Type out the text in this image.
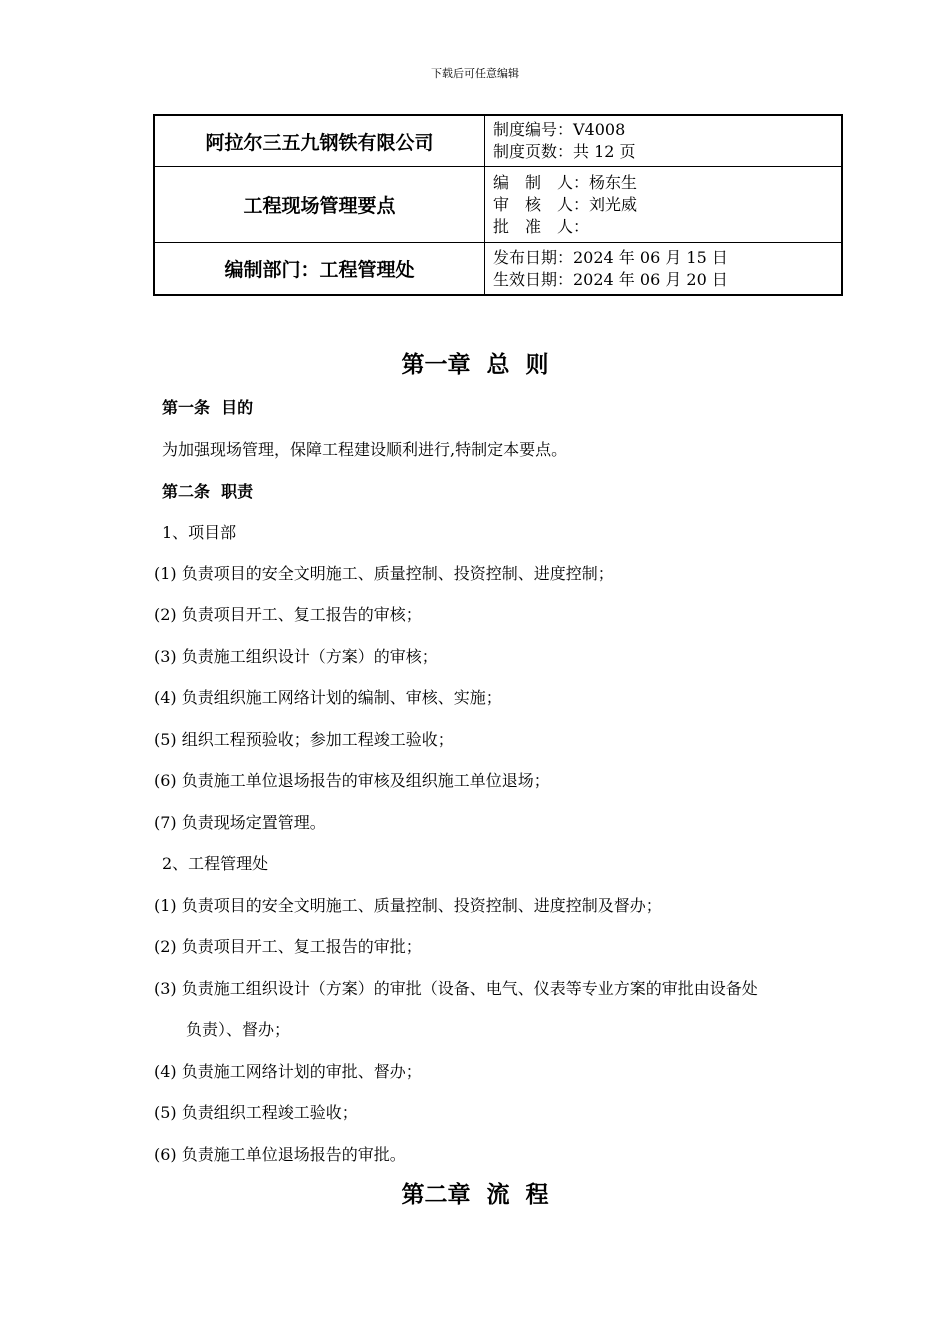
下载后可任意编辑
阿拉尔三五九钢铁有限公司	制度编号：V4008
制度页数：共 12 页

工程现场管理要点	编　制　人：杨东生
审　核　人：刘光威
批　准　人：

编制部门：工程管理处	发布日期：2024 年 06 月 15 日
生效日期：2024 年 06 月 20 日
第一章  总  则
第一条  目的
为加强现场管理，保障工程建设顺利进行,特制定本要点。
第二条  职责
1、项目部
(1) 负责项目的安全文明施工、质量控制、投资控制、进度控制；
(2) 负责项目开工、复工报告的审核；
(3) 负责施工组织设计（方案）的审核；
(4) 负责组织施工网络计划的编制、审核、实施；
(5) 组织工程预验收；参加工程竣工验收；
(6) 负责施工单位退场报告的审核及组织施工单位退场；
(7) 负责现场定置管理。
2、工程管理处
(1) 负责项目的安全文明施工、质量控制、投资控制、进度控制及督办；
(2) 负责项目开工、复工报告的审批；
(3) 负责施工组织设计（方案）的审批（设备、电气、仪表等专业方案的审批由设备处
负责）、督办；
(4) 负责施工网络计划的审批、督办；
(5) 负责组织工程竣工验收；
(6) 负责施工单位退场报告的审批。
第二章  流  程
